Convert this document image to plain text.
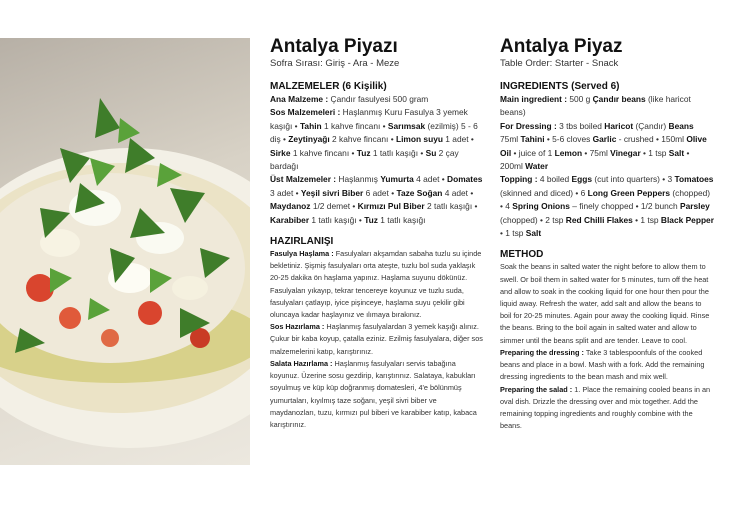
Antalya Piyazı

Sofra Sırası: Giriş - Ara - Meze

MALZEMELER (6 Kişilik)

Ana Malzeme : Çandır fasulyesi 500 gram

Sos Malzemeleri : Haşlanmış Kuru Fasulya 3 yemek kaşığı • Tahin 1 kahve fincanı • Sarımsak (ezilmiş) 5 - 6 diş • Zeytinyağı 2 kahve fincanı • Limon suyu 1 adet • Sirke 1 kahve fincanı • Tuz 1 tatlı kaşığı • Su 2 çay bardağı

Üst Malzemeler : Haşlanmış Yumurta 4 adet • Domates 3 adet • Yeşil sivri Biber 6 adet • Taze Soğan 4 adet • Maydanoz 1/2 demet • Kırmızı Pul Biber 2 tatlı kaşığı • Karabiber 1 tatlı kaşığı • Tuz 1 tatlı kaşığı

HAZIRLANIŞI

Fasulya Haşlama : Fasulyaları akşamdan sabaha tuzlu su içinde bekletiniz. Şişmiş fasulyaları orta ateşte, tuzlu bol suda yaklaşık 20-25 dakika ön haşlama yapınız. Haşlama suyunu dökünüz. Fasulyaları yıkayıp, tekrar tencereye koyunuz ve tuzlu suda, fasulyaları çatlayıp, iyice pişinceye, haşlama suyu çekilir gibi oluncaya kadar haşlayınız ve ılımaya bırakınız.

Sos Hazırlama : Haşlanmış fasulyalardan 3 yemek kaşığı alınız. Çukur bir kaba koyup, çatalla eziniz. Ezilmiş fasulyalara, diğer sos malzemelerini katıp, karıştırınız.

Salata Hazırlama : Haşlanmış fasulyaları servis tabağına koyunuz. Üzerine sosu gezdirip, karıştırınız. Salataya, kabukları soyulmuş ve küp küp doğranmış domatesleri, 4'e bölünmüş yumurtaları, kıyılmış taze soğanı, yeşil sivri biber ve maydanozları, tuzu, kırmızı pul biberi ve karabiber katıp, kabaca karıştırınız.

Antalya Piyaz

Table Order: Starter - Snack

INGREDIENTS (Served 6)

Main ingredient : 500 g Çandır beans (like haricot beans)

For Dressing : 3 tbs boiled Haricot (Çandır) Beans 75ml Tahini • 5-6 cloves Garlic - crushed • 150ml Olive Oil • juice of 1 Lemon • 75ml Vinegar • 1 tsp Salt • 200ml Water

Topping : 4 boiled Eggs (cut into quarters) • 3 Tomatoes (skinned and diced) • 6 Long Green Peppers (chopped) • 4 Spring Onions – finely chopped • 1/2 bunch Parsley (chopped) • 2 tsp Red Chilli Flakes • 1 tsp Black Pepper • 1 tsp Salt

METHOD

Soak the beans in salted water the night before to allow them to swell. Or boil them in salted water for 5 minutes, turn off the heat and allow to soak in the cooking liquid for one hour then pour the liquid away. Refresh the water, add salt and allow the beans to boil for 20-25 minutes. Again pour away the cooking liquid. Rinse the beans. Bring to the boil again in salted water and allow to simmer until the beans split and are tender. Leave to cool.

Preparing the dressing : Take 3 tablespoonfuls of the cooked beans and place in a bowl. Mash with a fork. Add the remaining dressing ingredients to the bean mash and mix well.

Preparing the salad : 1. Place the remaining cooled beans in an oval dish. Drizzle the dressing over and mix together. Add the remaining topping ingredients and roughly combine with the beans.
